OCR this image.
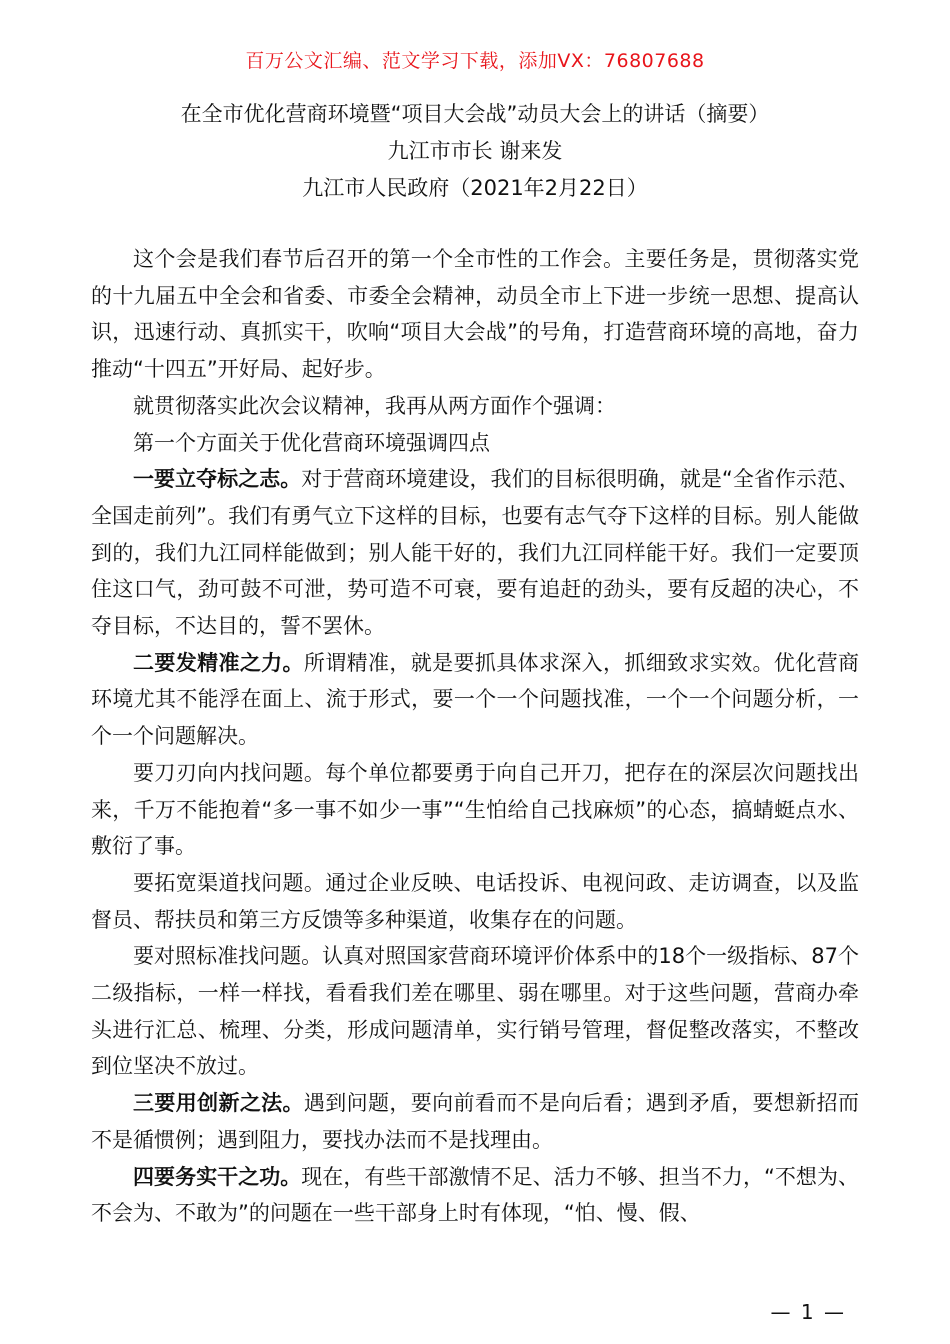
百万公文汇编、范文学习下载，添加VX：76807688
在全市优化营商环境暨“项目大会战”动员大会上的讲话（摘要）
九江市市长 谢来发
九江市人民政府（2021年2月22日）

这个会是我们春节后召开的第一个全市性的工作会。主要任务是，贯彻落实党的十九届五中全会和省委、市委全会精神，动员全市上下进一步统一思想、提高认识，迅速行动、真抓实干，吹响“项目大会战”的号角，打造营商环境的高地，奋力推动“十四五”开好局、起好步。

就贯彻落实此次会议精神，我再从两方面作个强调：

第一个方面关于优化营商环境强调四点

一要立夺标之志。对于营商环境建设，我们的目标很明确，就是“全省作示范、全国走前列”。我们有勇气立下这样的目标，也要有志气夺下这样的目标。别人能做到的，我们九江同样能做到；别人能干好的，我们九江同样能干好。我们一定要顶住这口气，劲可鼓不可泄，势可造不可衰，要有追赶的劲头，要有反超的决心，不夺目标，不达目的，誓不罢休。

二要发精准之力。所谓精准，就是要抓具体求深入，抓细致求实效。优化营商环境尤其不能浮在面上、流于形式，要一个一个问题找准，一个一个问题分析，一个一个问题解决。

要刀刃向内找问题。每个单位都要勇于向自己开刀，把存在的深层次问题找出来，千万不能抱着“多一事不如少一事”“生怕给自己找麻烦”的心态，搞蜻蜓点水、敷衍了事。

要拓宽渠道找问题。通过企业反映、电话投诉、电视问政、走访调查，以及监督员、帮扶员和第三方反馈等多种渠道，收集存在的问题。

要对照标准找问题。认真对照国家营商环境评价体系中的18个一级指标、87个二级指标，一样一样找，看看我们差在哪里、弱在哪里。对于这些问题，营商办牵头进行汇总、梳理、分类，形成问题清单，实行销号管理，督促整改落实，不整改到位坚决不放过。

三要用创新之法。遇到问题，要向前看而不是向后看；遇到矛盾，要想新招而不是循惯例；遇到阻力，要找办法而不是找理由。

四要务实干之功。现在，有些干部激情不足、活力不够、担当不力，“不想为、不会为、不敢为”的问题在一些干部身上时有体现，“怕、慢、假、

— 1 —
